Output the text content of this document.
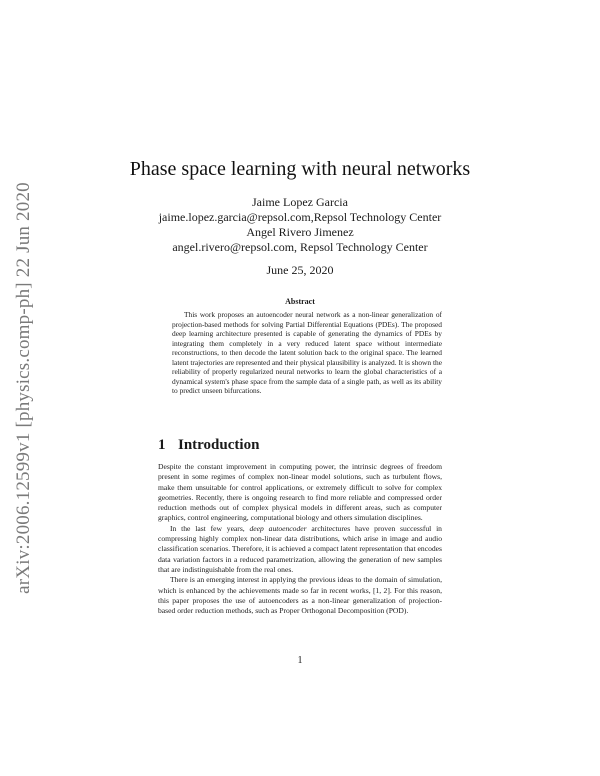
arXiv:2006.12599v1 [physics.comp-ph] 22 Jun 2020
Phase space learning with neural networks
Jaime Lopez Garcia
jaime.lopez.garcia@repsol.com,Repsol Technology Center
Angel Rivero Jimenez
angel.rivero@repsol.com, Repsol Technology Center
June 25, 2020
Abstract

This work proposes an autoencoder neural network as a non-linear generalization of projection-based methods for solving Partial Differential Equations (PDEs). The proposed deep learning architecture presented is capable of generating the dynamics of PDEs by integrating them completely in a very reduced latent space without intermediate reconstructions, to then decode the latent solution back to the original space. The learned latent trajectories are represented and their physical plausibility is analyzed. It is shown the reliability of properly regularized neural networks to learn the global characteristics of a dynamical system's phase space from the sample data of a single path, as well as its ability to predict unseen bifurcations.

1 Introduction

Despite the constant improvement in computing power, the intrinsic degrees of freedom present in some regimes of complex non-linear model solutions, such as turbulent flows, make them unsuitable for control applications, or extremely difficult to solve for complex geometries. Recently, there is ongoing research to find more reliable and compressed order reduction methods out of complex physical models in different areas, such as computer graphics, control engineering, computational biology and others simulation disciplines.

In the last few years, deep autoencoder architectures have proven successful in compressing highly complex non-linear data distributions, which arise in image and audio classification scenarios. Therefore, it is achieved a compact latent representation that encodes data variation factors in a reduced parametrization, allowing the generation of new samples that are indistinguishable from the real ones.

There is an emerging interest in applying the previous ideas to the domain of simulation, which is enhanced by the achievements made so far in recent works, [1, 2]. For this reason, this paper proposes the use of autoencoders as a non-linear generalization of projection-based order reduction methods, such as Proper Orthogonal Decomposition (POD).

1
